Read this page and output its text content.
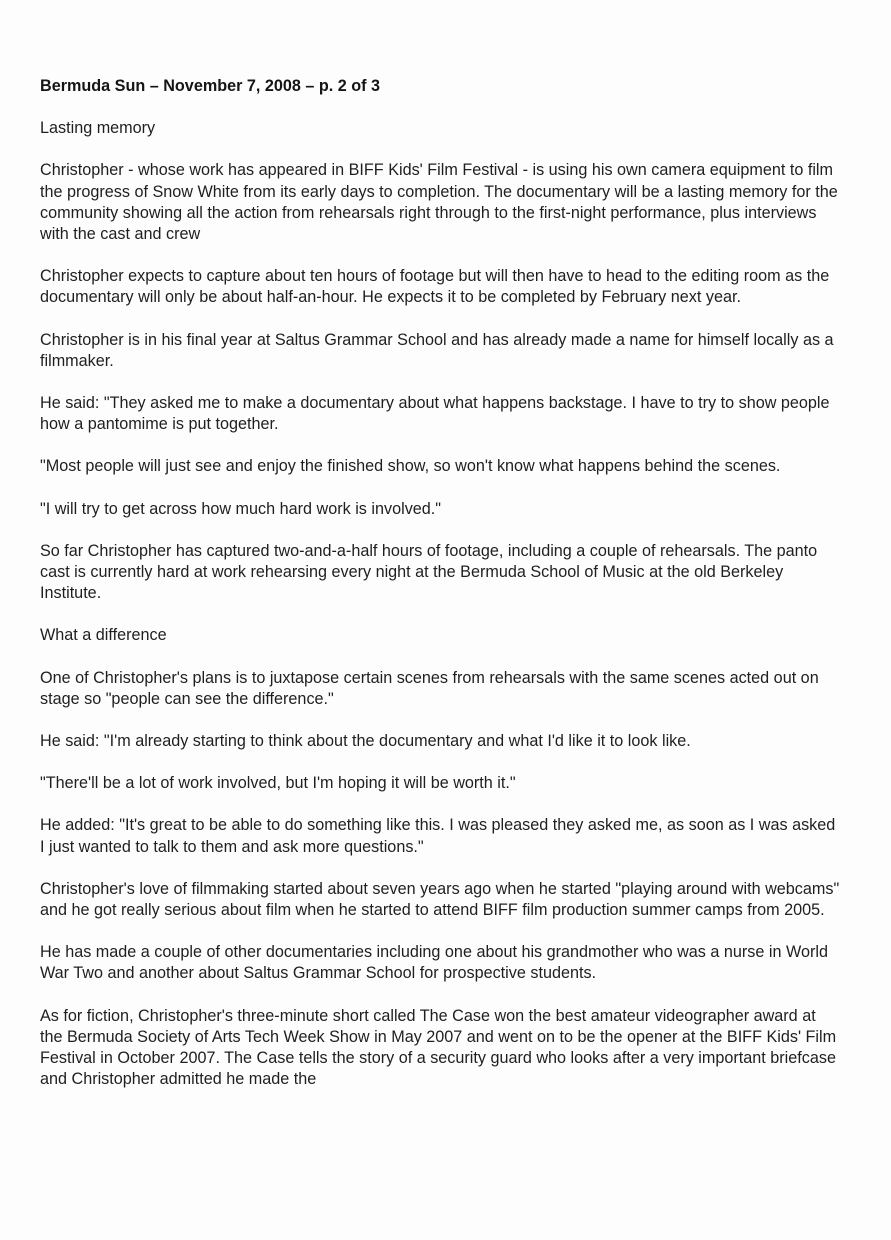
Bermuda Sun – November 7, 2008 – p. 2 of 3

Lasting memory

Christopher - whose work has appeared in BIFF Kids' Film Festival - is using his own camera equipment to film the progress of Snow White from its early days to completion. The documentary will be a lasting memory for the community showing all the action from rehearsals right through to the first-night performance, plus interviews with the cast and crew

Christopher expects to capture about ten hours of footage but will then have to head to the editing room as the documentary will only be about half-an-hour. He expects it to be completed by February next year.

Christopher is in his final year at Saltus Grammar School and has already made a name for himself locally as a filmmaker.

He said: "They asked me to make a documentary about what happens backstage. I have to try to show people how a pantomime is put together.

"Most people will just see and enjoy the finished show, so won't know what happens behind the scenes.

"I will try to get across how much hard work is involved."

So far Christopher has captured two-and-a-half hours of footage, including a couple of rehearsals. The panto cast is currently hard at work rehearsing every night at the Bermuda School of Music at the old Berkeley Institute.

What a difference

One of Christopher's plans is to juxtapose certain scenes from rehearsals with the same scenes acted out on stage so "people can see the difference."

He said: "I'm already starting to think about the documentary and what I'd like it to look like.

"There'll be a lot of work involved, but I'm hoping it will be worth it."

He added: "It's great to be able to do something like this. I was pleased they asked me, as soon as I was asked I just wanted to talk to them and ask more questions."

Christopher's love of filmmaking started about seven years ago when he started "playing around with webcams" and he got really serious about film when he started to attend BIFF film production summer camps from 2005.

He has made a couple of other documentaries including one about his grandmother who was a nurse in World War Two and another about Saltus Grammar School for prospective students.

As for fiction, Christopher's three-minute short called The Case won the best amateur videographer award at the Bermuda Society of Arts Tech Week Show in May 2007 and went on to be the opener at the BIFF Kids' Film Festival in October 2007. The Case tells the story of a security guard who looks after a very important briefcase and Christopher admitted he made the
